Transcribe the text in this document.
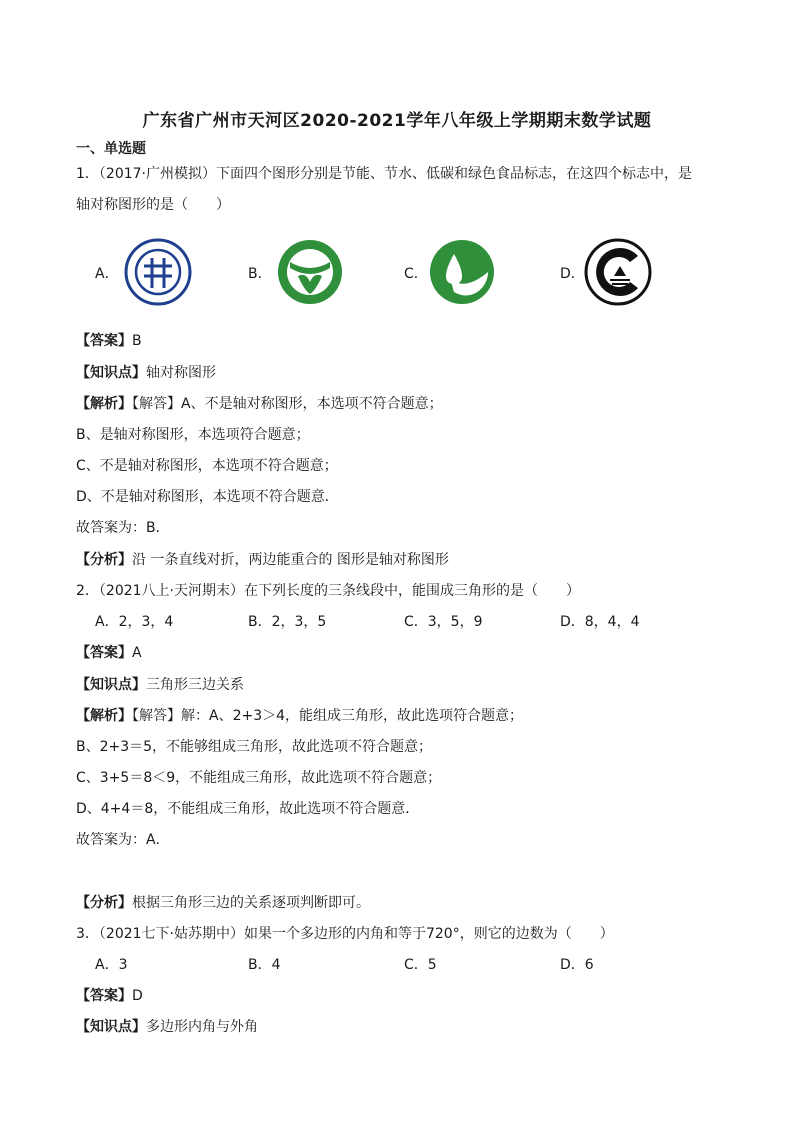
广东省广州市天河区2020-2021学年八年级上学期期末数学试题
一、单选题
1．（2017·广州模拟）下面四个图形分别是节能、节水、低碳和绿色食品标志，在这四个标志中，是
轴对称图形的是（　　）
A．	B．	C．	D．
【答案】B
【知识点】轴对称图形
【解析】【解答】A、不是轴对称图形，本选项不符合题意；
B、是轴对称图形，本选项符合题意；
C、不是轴对称图形，本选项不符合题意；
D、不是轴对称图形，本选项不符合题意．
故答案为：B．
【分析】沿 一条直线对折，两边能重合的 图形是轴对称图形
2．（2021八上·天河期末）在下列长度的三条线段中，能围成三角形的是（　　）
A．2，3，4	B．2，3，5	C．3，5，9	D．8，4，4
【答案】A
【知识点】三角形三边关系
【解析】【解答】解：A、2+3＞4，能组成三角形，故此选项符合题意；
B、2+3＝5，不能够组成三角形，故此选项不符合题意；
C、3+5＝8＜9，不能组成三角形，故此选项不符合题意；
D、4+4＝8，不能组成三角形，故此选项不符合题意．
故答案为：A．
【分析】根据三角形三边的关系逐项判断即可。
3．（2021七下·姑苏期中）如果一个多边形的内角和等于720°，则它的边数为（　　）
A．3	B．4	C．5	D．6
【答案】D
【知识点】多边形内角与外角
